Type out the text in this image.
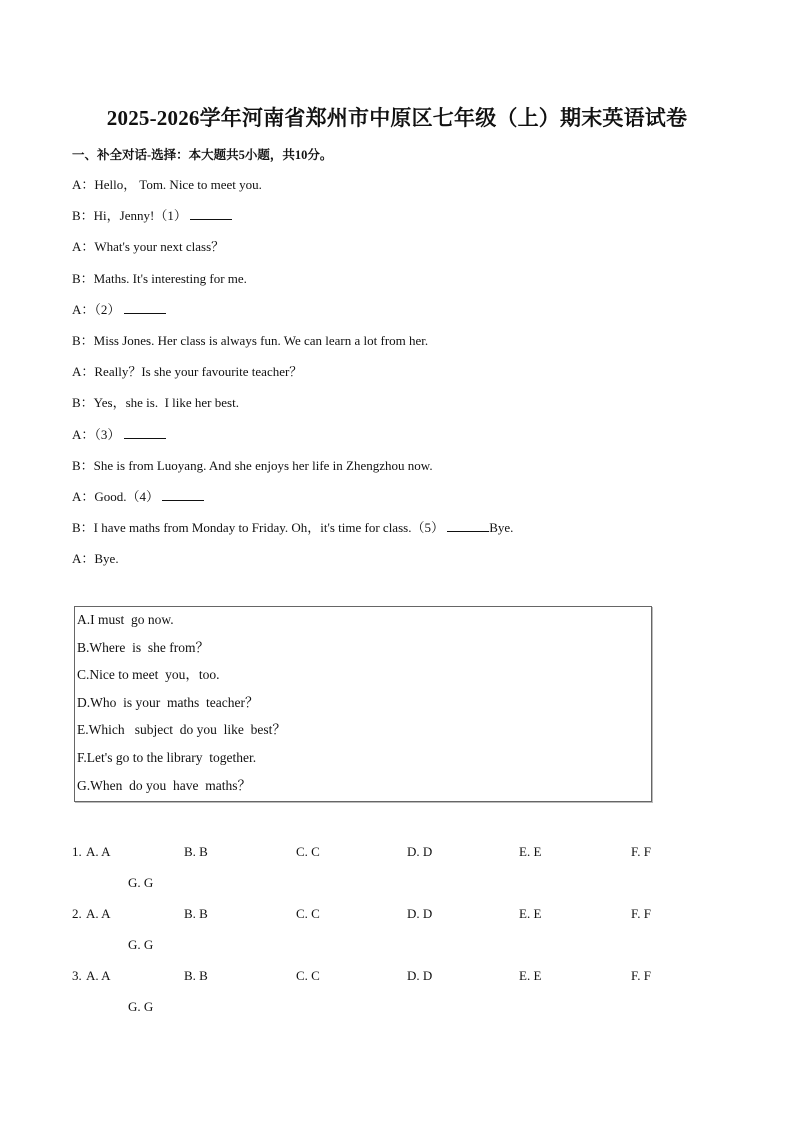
2025-2026学年河南省郑州市中原区七年级（上）期末英语试卷
一、补全对话-选择：本大题共5小题，共10分。
A：Hello， Tom. Nice to meet you.
B：Hi，Jenny!（1）
A：What's your next class？
B：Maths. It's interesting for me.
A：（2）
B：Miss Jones. Her class is always fun. We can learn a lot from her.
A：Really？Is she your favourite teacher？
B：Yes，she is.  I like her best.
A：（3）
B：She is from Luoyang. And she enjoys her life in Zhengzhou now.
A：Good.（4）
B：I have maths from Monday to Friday. Oh，it's time for class.（5）	Bye.
A：Bye.
A.I must  go now.
B.Where  is  she from？
C.Nice to meet  you，too.
D.Who  is your  maths  teacher？
E.Which   subject  do you  like  best？
F.Let's go to the library  together.
G.When  do you  have  maths？
1. A. A	B. B	C. C	D. D	E. E	F. F
G. G
2. A. A	B. B	C. C	D. D	E. E	F. F
G. G
3. A. A	B. B	C. C	D. D	E. E	F. F
G. G
